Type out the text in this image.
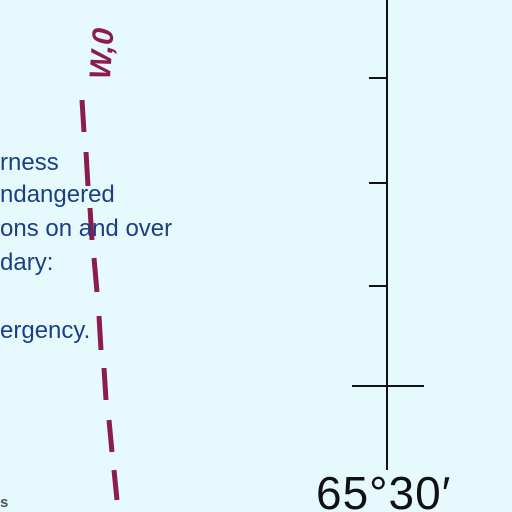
W,0

rness

ndangered

ons on and over

dary:

ergency.

65°30′
s
